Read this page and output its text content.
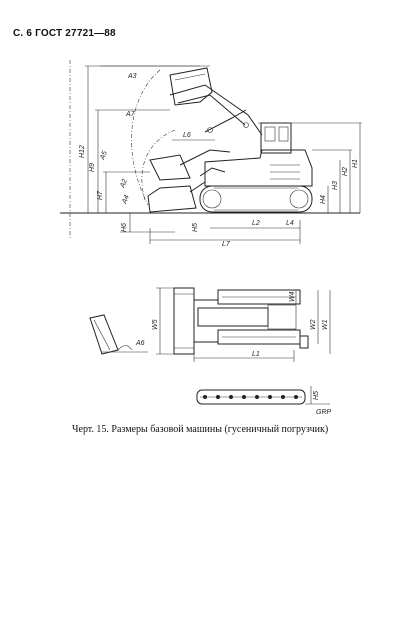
С. 6 ГОСТ 27721—88
A3
A7
L6
A5
A2
A4
H12
H9
H7
H6	H5	L2	L4
L7
H4
H3
H2
H1
W5
W4
W2 W1
L1
A6
H5
GRP
Черт. 15. Размеры базовой машины (гусеничный погрузчик)
